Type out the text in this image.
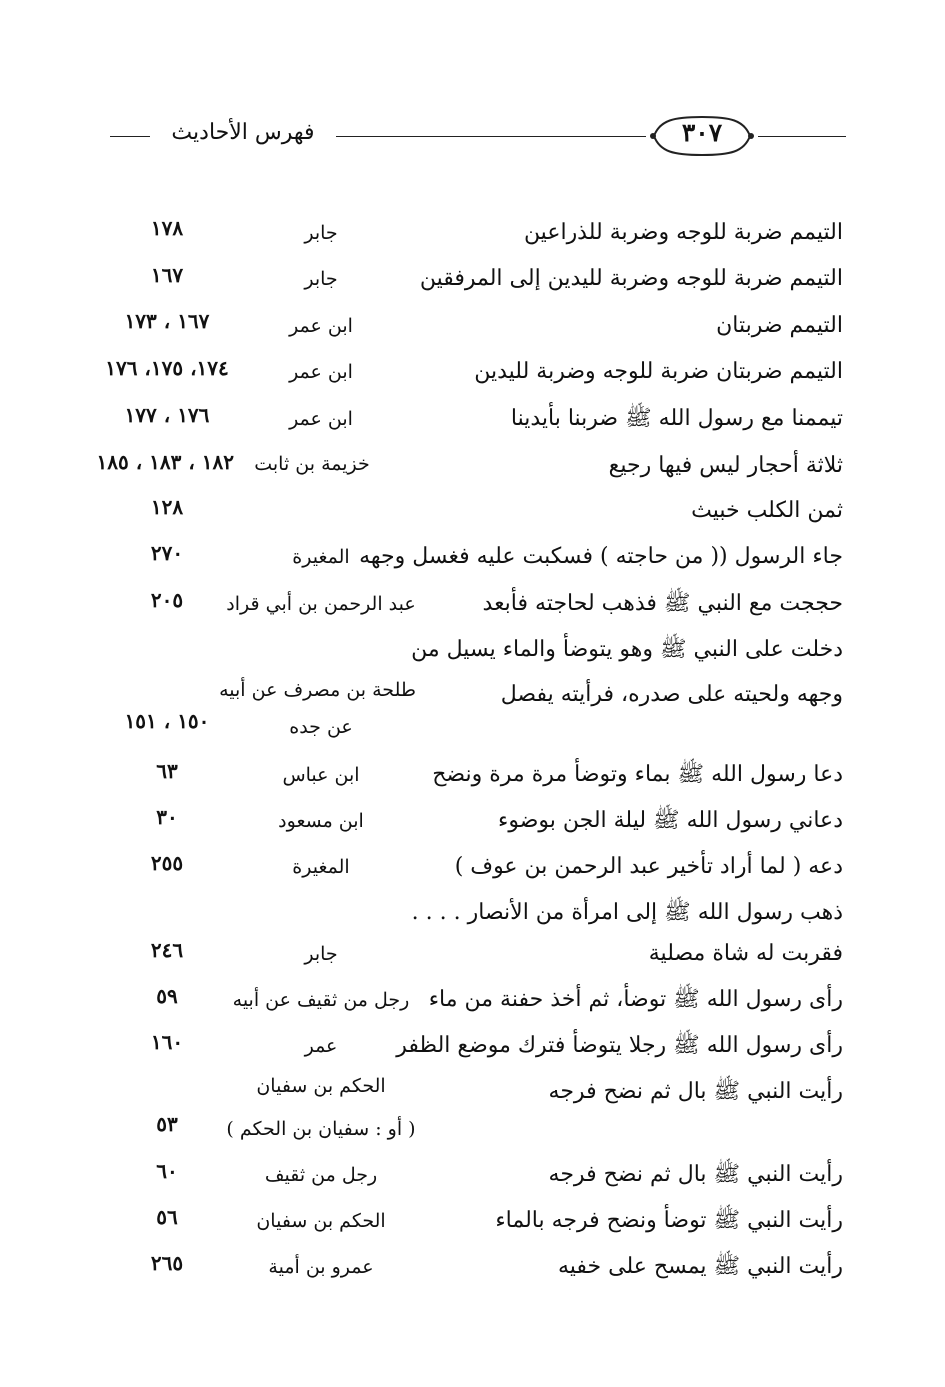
فهرس الأحاديث	٣٠٧
التيمم ضربة للوجه وضربة للذراعين
جابر
١٧٨
التيمم ضربة للوجه وضربة لليدين إلى المرفقين
جابر
١٦٧
التيمم ضربتان
ابن عمر
١٦٧ ، ١٧٣
التيمم ضربتان ضربة للوجه وضربة لليدين
ابن عمر
١٧٤، ١٧٥، ١٧٦
تيممنا مع رسول الله ﷺ ضربنا بأيدينا
ابن عمر
١٧٦ ، ١٧٧
ثلاثة أحجار ليس فيها رجيع
خزيمة بن ثابت
١٨٢ ، ١٨٣ ، ١٨٥
ثمن الكلب خبيث
١٢٨
جاء الرسول (( من حاجته ) فسكبت عليه فغسل وجهه
المغيرة
٢٧٠
حججت مع النبي ﷺ فذهب لحاجته فأبعد
عبد الرحمن بن أبي قراد
٢٠٥
دخلت على النبي ﷺ وهو يتوضأ والماء يسيل من
وجهه ولحيته على صدره، فرأيته يفصل
طلحة بن مصرف عن أبيه
عن جده
١٥٠ ، ١٥١
دعا رسول الله ﷺ بماء وتوضأ مرة مرة ونضح
ابن عباس
٦٣
دعاني رسول الله ﷺ ليلة الجن بوضوء
ابن مسعود
٣٠
دعه ( لما أراد تأخير عبد الرحمن بن عوف )
المغيرة
٢٥٥
ذهب رسول الله ﷺ إلى امرأة من الأنصار . . . .
فقربت له شاة مصلية
جابر
٢٤٦
رأى رسول الله ﷺ توضأ، ثم أخذ حفنة من ماء
رجل من ثقيف عن أبيه
٥٩
رأى رسول الله ﷺ رجلا يتوضأ فترك موضع الظفر
عمر
١٦٠
رأيت النبي ﷺ بال ثم نضح فرجه
الحكم بن سفيان
( أو : سفيان بن الحكم )
٥٣
رأيت النبي ﷺ بال ثم نضح فرجه
رجل من ثقيف
٦٠
رأيت النبي ﷺ توضأ ونضح فرجه بالماء
الحكم بن سفيان
٥٦
رأيت النبي ﷺ يمسح على خفيه
عمرو بن أمية
٢٦٥
